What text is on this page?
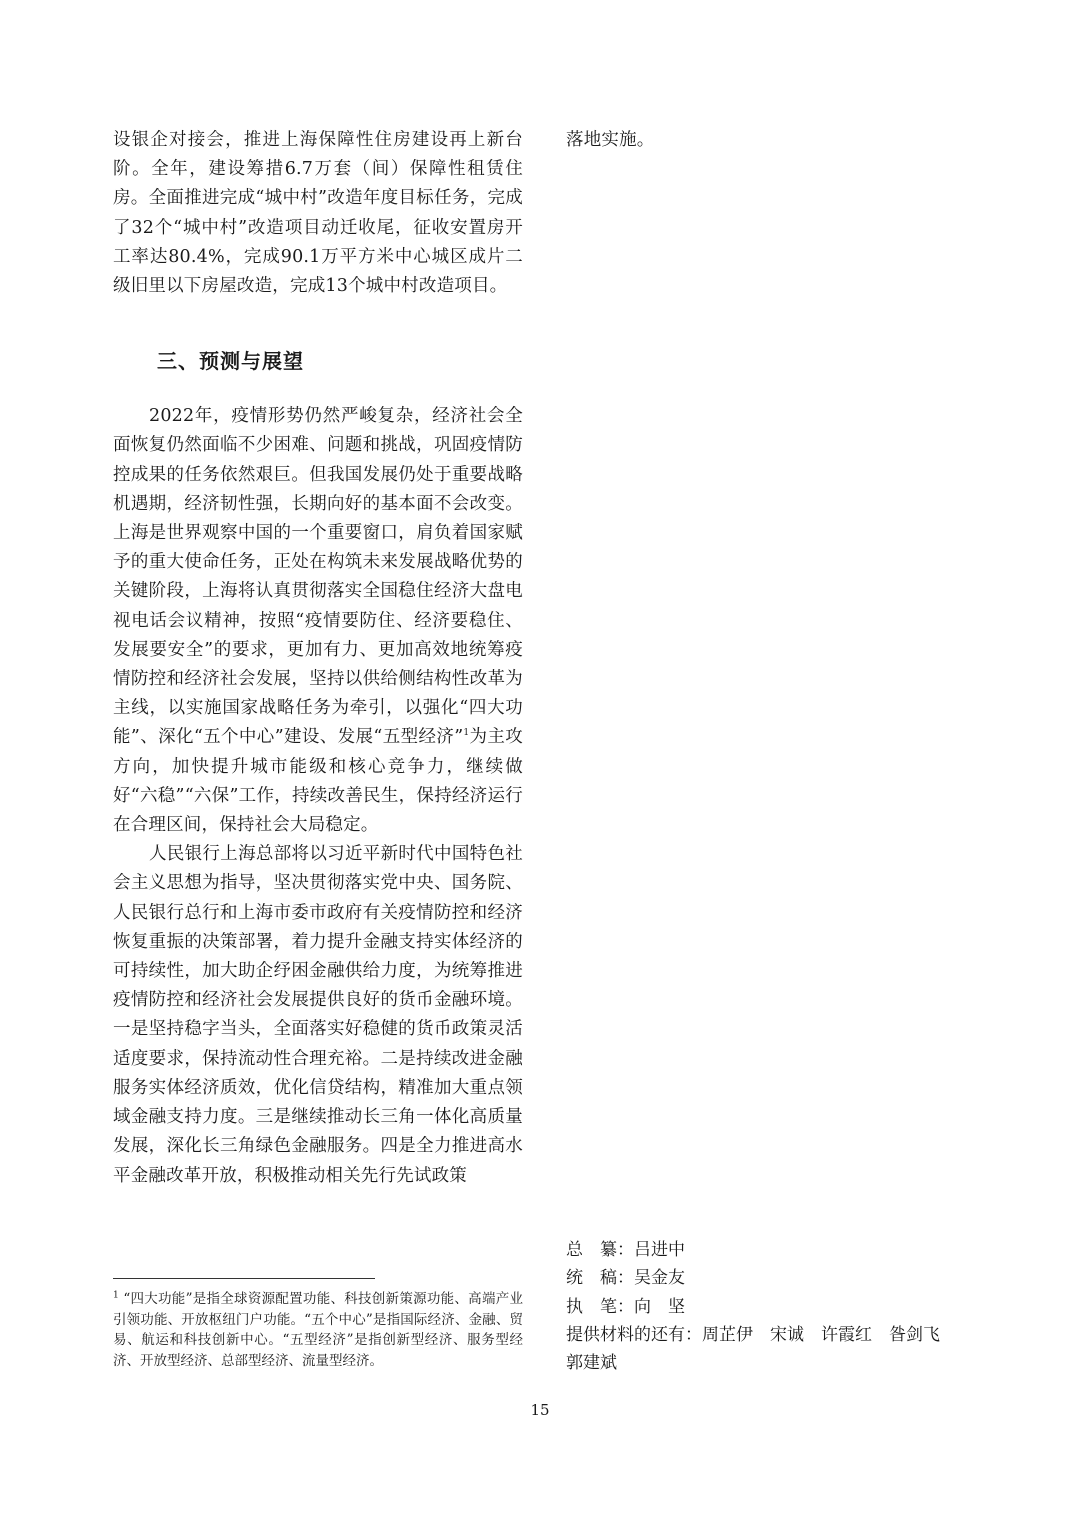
设银企对接会，推进上海保障性住房建设再上新台阶。全年，建设筹措6.7万套（间）保障性租赁住房。全面推进完成“城中村”改造年度目标任务，完成了32个“城中村”改造项目动迁收尾，征收安置房开工率达80.4%，完成90.1万平方米中心城区成片二级旧里以下房屋改造，完成13个城中村改造项目。

三、预测与展望

2022年，疫情形势仍然严峻复杂，经济社会全面恢复仍然面临不少困难、问题和挑战，巩固疫情防控成果的任务依然艰巨。但我国发展仍处于重要战略机遇期，经济韧性强，长期向好的基本面不会改变。上海是世界观察中国的一个重要窗口，肩负着国家赋予的重大使命任务，正处在构筑未来发展战略优势的关键阶段，上海将认真贯彻落实全国稳住经济大盘电视电话会议精神，按照“疫情要防住、经济要稳住、发展要安全”的要求，更加有力、更加高效地统筹疫情防控和经济社会发展，坚持以供给侧结构性改革为主线，以实施国家战略任务为牵引，以强化“四大功能”、深化“五个中心”建设、发展“五型经济”$^1$为主攻方向，加快提升城市能级和核心竞争力，继续做好“六稳”“六保”工作，持续改善民生，保持经济运行在合理区间，保持社会大局稳定。

人民银行上海总部将以习近平新时代中国特色社会主义思想为指导，坚决贯彻落实党中央、国务院、人民银行总行和上海市委市政府有关疫情防控和经济恢复重振的决策部署，着力提升金融支持实体经济的可持续性，加大助企纾困金融供给力度，为统筹推进疫情防控和经济社会发展提供良好的货币金融环境。一是坚持稳字当头，全面落实好稳健的货币政策灵活适度要求，保持流动性合理充裕。二是持续改进金融服务实体经济质效，优化信贷结构，精准加大重点领域金融支持力度。三是继续推动长三角一体化高质量发展，深化长三角绿色金融服务。四是全力推进高水平金融改革开放，积极推动相关先行先试政策

落地实施。

$^1$ “四大功能”是指全球资源配置功能、科技创新策源功能、高端产业引领功能、开放枢纽门户功能。“五个中心”是指国际经济、金融、贸易、航运和科技创新中心。“五型经济”是指创新型经济、服务型经济、开放型经济、总部型经济、流量型经济。

总　纂：吕进中
统　稿：吴金友
执　笔：向　坚
提供材料的还有：周芷伊　宋诚　许霞红　昝剑飞
郭建斌
15
